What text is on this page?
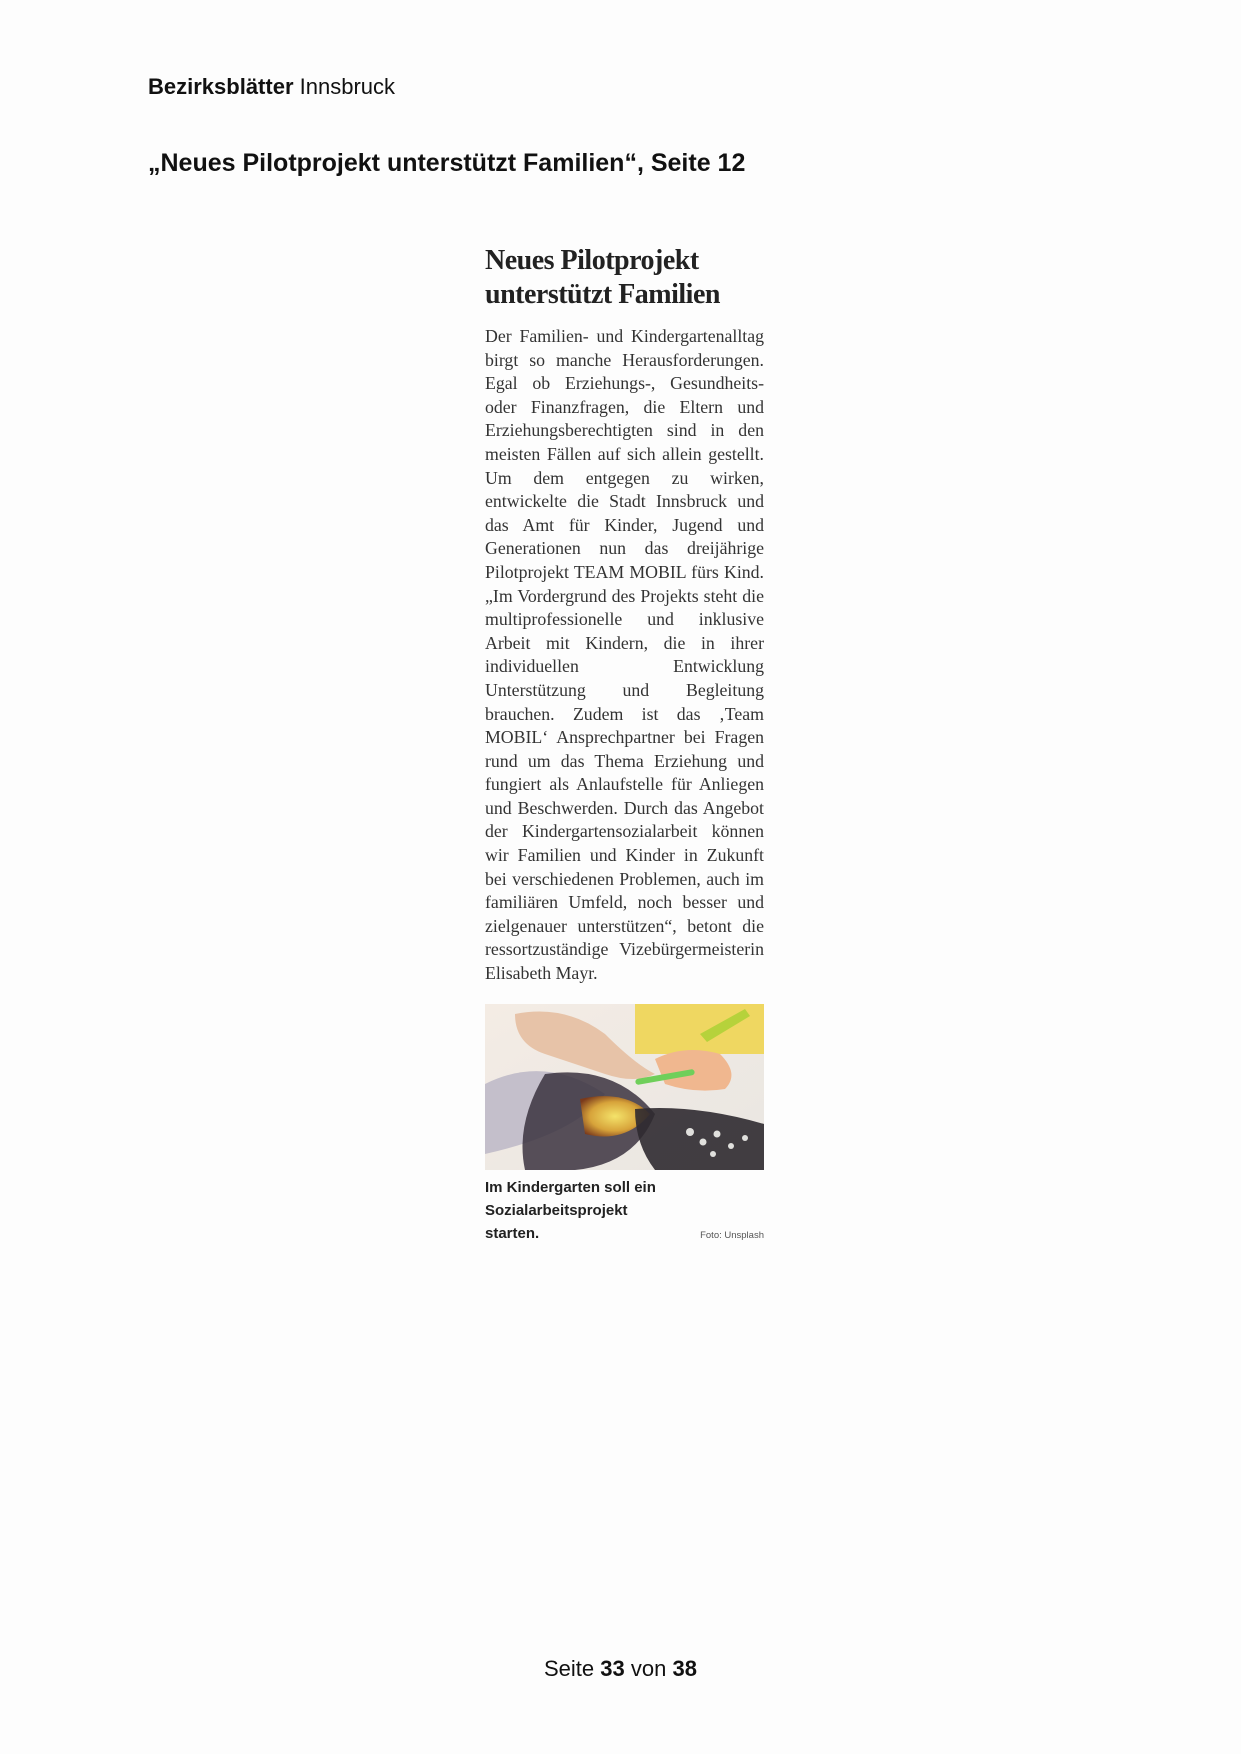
Bezirksblätter Innsbruck
„Neues Pilotprojekt unterstützt Familien“, Seite 12
Neues Pilotprojekt
unterstützt Familien

Der Familien- und Kindergartenalltag birgt so manche Herausforderungen. Egal ob Erziehungs-, Gesundheits- oder Finanzfragen, die Eltern und Erziehungsberechtigten sind in den meisten Fällen auf sich allein gestellt. Um dem entgegen zu wirken, entwickelte die Stadt Innsbruck und das Amt für Kinder, Jugend und Generationen nun das dreijährige Pilotprojekt TEAM MOBIL fürs Kind. „Im Vordergrund des Projekts steht die multiprofessionelle und inklusive Arbeit mit Kindern, die in ihrer individuellen Entwicklung Unterstützung und Begleitung brauchen. Zudem ist das ‚Team MOBIL‘ Ansprechpartner bei Fragen rund um das Thema Erziehung und fungiert als Anlaufstelle für Anliegen und Beschwerden. Durch das Angebot der Kindergartensozialarbeit können wir Familien und Kinder in Zukunft bei verschiedenen Problemen, auch im familiären Umfeld, noch besser und zielgenauer unterstützen“, betont die ressortzuständige Vizebürgermeisterin Elisabeth Mayr.

Im Kindergarten soll ein Sozialarbeitsprojekt starten.	Foto: Unsplash
Seite 33 von 38
